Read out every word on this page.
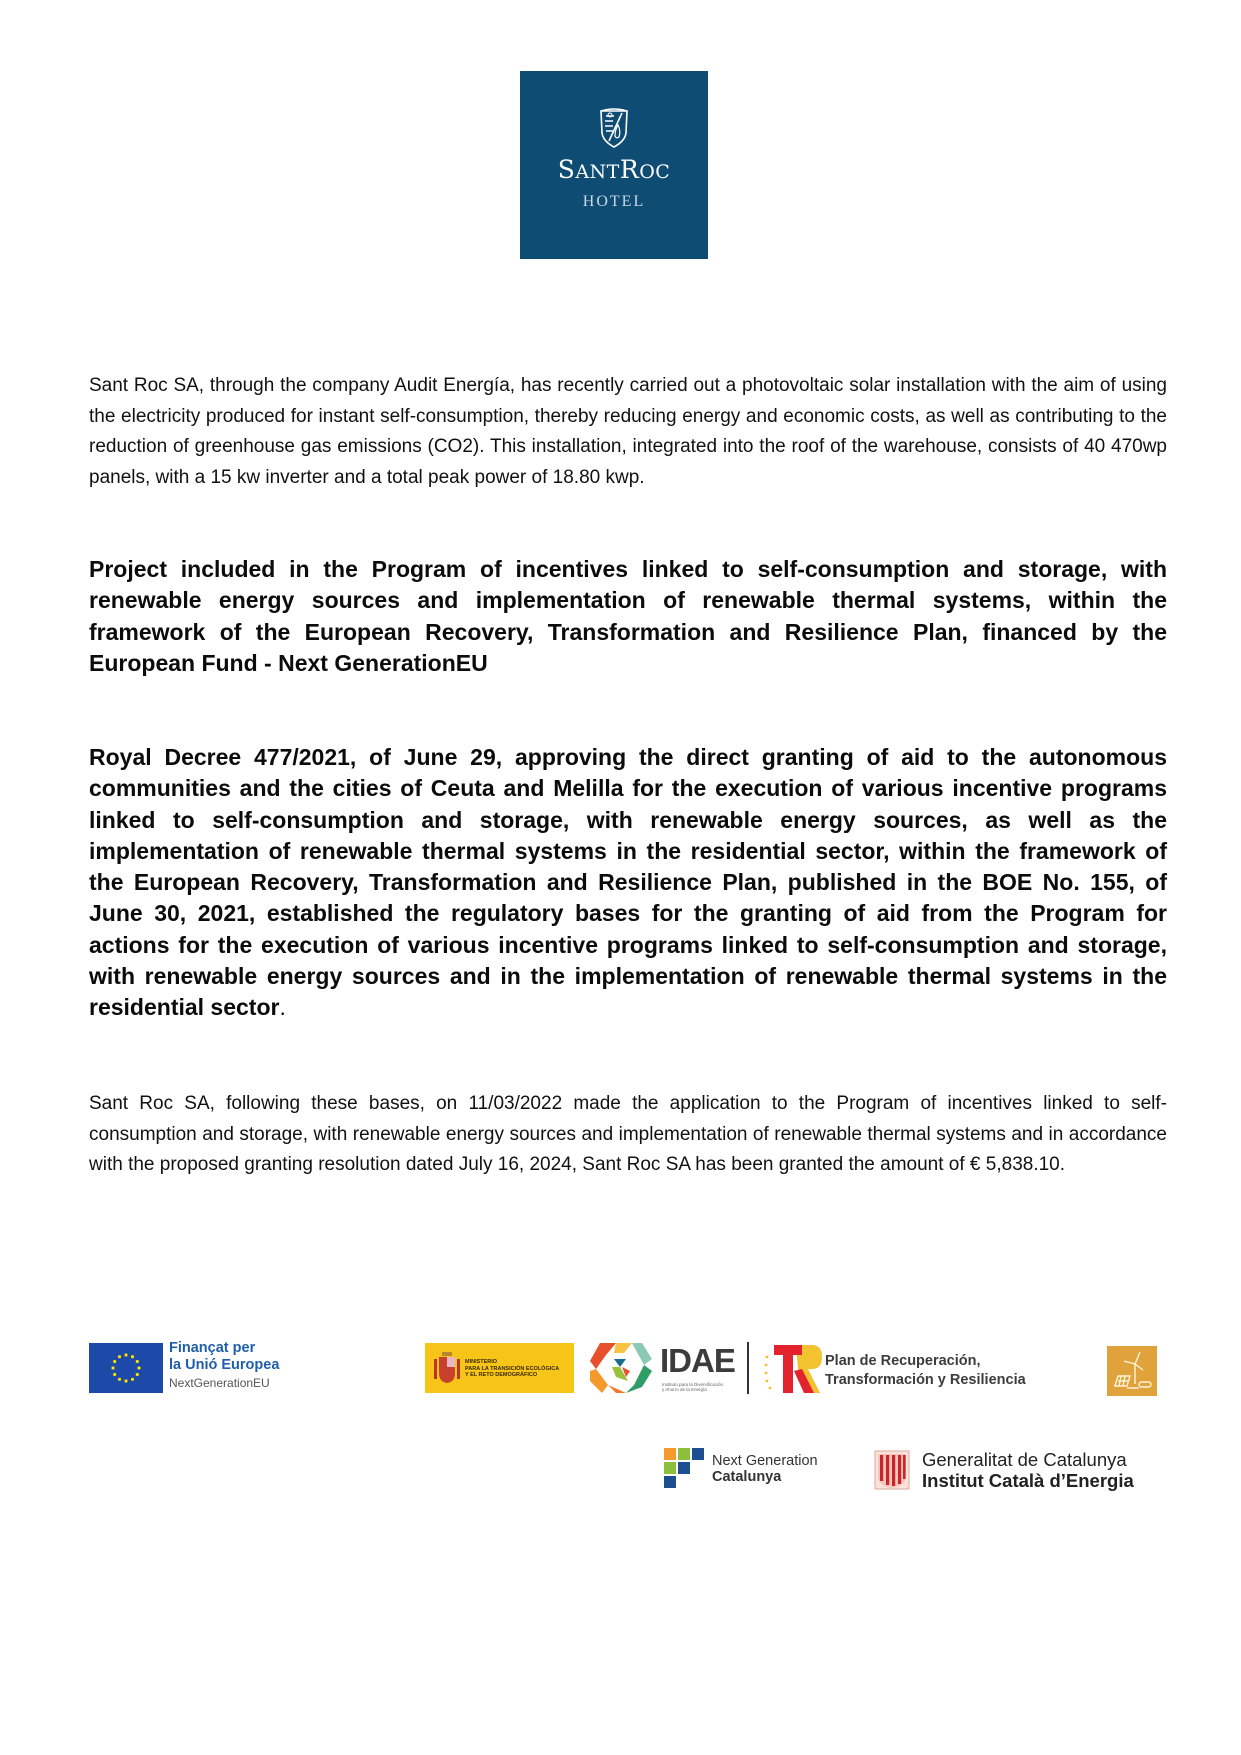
SANTROC
HOTEL
Sant Roc SA, through the company Audit Energía, has recently carried out a photovoltaic solar installation with the aim of using the electricity produced for instant self-consumption, thereby reducing energy and economic costs, as well as contributing to the reduction of greenhouse gas emissions (CO2). This installation, integrated into the roof of the warehouse, consists of 40 470wp panels, with a 15 kw inverter and a total peak power of 18.80 kwp.
Project included in the Program of incentives linked to self-consumption and storage, with renewable energy sources and implementation of renewable thermal systems, within the framework of the European Recovery, Transformation and Resilience Plan, financed by the European Fund - Next GenerationEU
Royal Decree 477/2021, of June 29, approving the direct granting of aid to the autonomous communities and the cities of Ceuta and Melilla for the execution of various incentive programs linked to self-consumption and storage, with renewable energy sources, as well as the implementation of renewable thermal systems in the residential sector, within the framework of the European Recovery, Transformation and Resilience Plan, published in the BOE No. 155, of June 30, 2021, established the regulatory bases for the granting of aid from the Program for actions for the execution of various incentive programs linked to self-consumption and storage, with renewable energy sources and in the implementation of renewable thermal systems in the residential sector.
Sant Roc SA, following these bases, on 11/03/2022 made the application to the Program of incentives linked to self-consumption and storage, with renewable energy sources and implementation of renewable thermal systems and in accordance with the proposed granting resolution dated July 16, 2024, Sant Roc SA has been granted the amount of € 5,838.10.
Finançat per
la Unió Europea
NextGenerationEU
MINISTERIO
PARA LA TRANSICIÓN ECOLÓGICA
Y EL RETO DEMOGRÁFICO	IDAE
Instituto para la Diversificación
y Ahorro de la Energía
Plan de Recuperación,
Transformación y Resiliencia
Next Generation
Catalunya
Generalitat de Catalunya
Institut Català d’Energia
